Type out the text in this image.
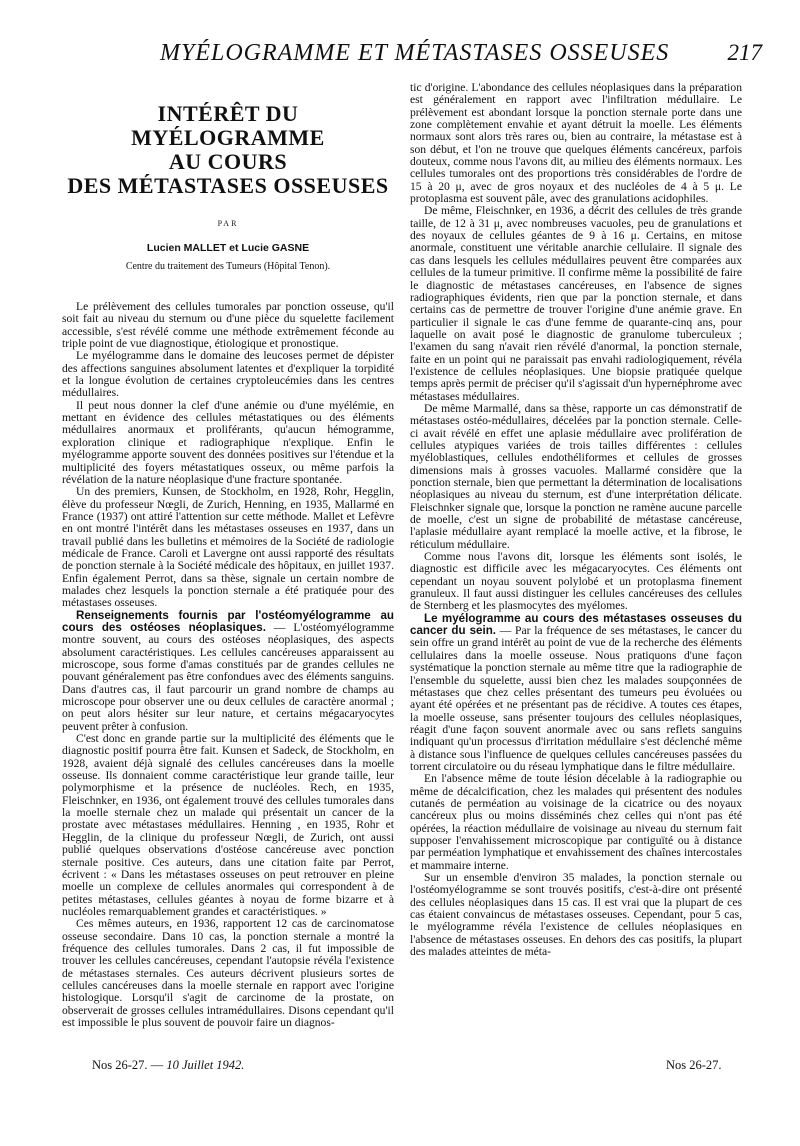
MYÉLOGRAMME ET MÉTASTASES OSSEUSES	217
INTÉRÊT DU MYÉLOGRAMME
AU COURS
DES MÉTASTASES OSSEUSES
PAR
Lucien MALLET et Lucie GASNE
Centre du traitement des Tumeurs (Hôpital Tenon).

Le prélèvement des cellules tumorales par ponction osseuse, qu'il soit fait au niveau du sternum ou d'une pièce du squelette facilement accessible, s'est révélé comme une méthode extrêmement féconde au triple point de vue diagnostique, étiologique et pronostique.

Le myélogramme dans le domaine des leucoses permet de dépister des affections sanguines absolument latentes et d'expliquer la torpidité et la longue évolution de certaines cryptoleucémies dans les centres médullaires.

Il peut nous donner la clef d'une anémie ou d'une myélémie, en mettant en évidence des cellules métastatiques ou des éléments médullaires anormaux et proliférants, qu'aucun hémogramme, exploration clinique et radiographique n'explique. Enfin le myélogramme apporte souvent des données positives sur l'étendue et la multiplicité des foyers métastatiques osseux, ou même parfois la révélation de la nature néoplasique d'une fracture spontanée.

Un des premiers, Kunsen, de Stockholm, en 1928, Rohr, Hegglin, élève du professeur Nœgli, de Zurich, Henning, en 1935, Mallarmé en France (1937) ont attiré l'attention sur cette méthode. Mallet et Lefèvre en ont montré l'intérêt dans les métastases osseuses en 1937, dans un travail publié dans les bulletins et mémoires de la Société de radiologie médicale de France. Caroli et Lavergne ont aussi rapporté des résultats de ponction sternale à la Société médicale des hôpitaux, en juillet 1937. Enfin également Perrot, dans sa thèse, signale un certain nombre de malades chez lesquels la ponction sternale a été pratiquée pour des métastases osseuses.

Renseignements fournis par l'ostéomyélogramme au cours des ostéoses néoplasiques. — L'ostéomyélogramme montre souvent, au cours des ostéoses néoplasiques, des aspects absolument caractéristiques. Les cellules cancéreuses apparaissent au microscope, sous forme d'amas constitués par de grandes cellules ne pouvant généralement pas être confondues avec des éléments sanguins. Dans d'autres cas, il faut parcourir un grand nombre de champs au microscope pour observer une ou deux cellules de caractère anormal ; on peut alors hésiter sur leur nature, et certains mégacaryocytes peuvent prêter à confusion.

C'est donc en grande partie sur la multiplicité des éléments que le diagnostic positif pourra être fait. Kunsen et Sadeck, de Stockholm, en 1928, avaient déjà signalé des cellules cancéreuses dans la moelle osseuse. Ils donnaient comme caractéristique leur grande taille, leur polymorphisme et la présence de nucléoles. Rech, en 1935, Fleischnker, en 1936, ont également trouvé des cellules tumorales dans la moelle sternale chez un malade qui présentait un cancer de la prostate avec métastases médullaires. Henning , en 1935, Rohr et Hegglin, de la clinique du professeur Nœgli, de Zurich, ont aussi publié quelques observations d'ostéose cancéreuse avec ponction sternale positive. Ces auteurs, dans une citation faite par Perrot, écrivent : « Dans les métastases osseuses on peut retrouver en pleine moelle un complexe de cellules anormales qui correspondent à de petites métastases, cellules géantes à noyau de forme bizarre et à nucléoles remarquablement grandes et caractéristiques. »

Ces mêmes auteurs, en 1936, rapportent 12 cas de carcinomatose osseuse secondaire. Dans 10 cas, la ponction sternale a montré la fréquence des cellules tumorales. Dans 2 cas, il fut impossible de trouver les cellules cancéreuses, cependant l'autopsie révéla l'existence de métastases sternales. Ces auteurs décrivent plusieurs sortes de cellules cancéreuses dans la moelle sternale en rapport avec l'origine histologique. Lorsqu'il s'agit de carcinome de la prostate, on observerait de grosses cellules intramédullaires. Disons cependant qu'il est impossible le plus souvent de pouvoir faire un diagnos-

tic d'origine. L'abondance des cellules néoplasiques dans la préparation est généralement en rapport avec l'infiltration médullaire. Le prélèvement est abondant lorsque la ponction sternale porte dans une zone complètement envahie et ayant détruit la moelle. Les éléments normaux sont alors très rares ou, bien au contraire, la métastase est à son début, et l'on ne trouve que quelques éléments cancéreux, parfois douteux, comme nous l'avons dit, au milieu des éléments normaux. Les cellules tumorales ont des proportions très considérables de l'ordre de 15 à 20 μ, avec de gros noyaux et des nucléoles de 4 à 5 μ. Le protoplasma est souvent pâle, avec des granulations acidophiles.

De même, Fleischnker, en 1936, a décrit des cellules de très grande taille, de 12 à 31 μ, avec nombreuses vacuoles, peu de granulations et des noyaux de cellules géantes de 9 à 16 μ. Certains, en mitose anormale, constituent une véritable anarchie cellulaire. Il signale des cas dans lesquels les cellules médullaires peuvent être comparées aux cellules de la tumeur primitive. Il confirme même la possibilité de faire le diagnostic de métastases cancéreuses, en l'absence de signes radiographiques évidents, rien que par la ponction sternale, et dans certains cas de permettre de trouver l'origine d'une anémie grave. En particulier il signale le cas d'une femme de quarante-cinq ans, pour laquelle on avait posé le diagnostic de granulome tuberculeux ; l'examen du sang n'avait rien révélé d'anormal, la ponction sternale, faite en un point qui ne paraissait pas envahi radiologiquement, révéla l'existence de cellules néoplasiques. Une biopsie pratiquée quelque temps après permit de préciser qu'il s'agissait d'un hypernéphrome avec métastases médullaires.

De même Marmallé, dans sa thèse, rapporte un cas démonstratif de métastases ostéo-médullaires, décelées par la ponction sternale. Celle-ci avait révélé en effet une aplasie médullaire avec prolifération de cellules atypiques variées de trois tailles différentes : cellules myéloblastiques, cellules endothéliformes et cellules de grosses dimensions mais à grosses vacuoles. Mallarmé considère que la ponction sternale, bien que permettant la détermination de localisations néoplasiques au niveau du sternum, est d'une interprétation délicate. Fleischnker signale que, lorsque la ponction ne ramène aucune parcelle de moelle, c'est un signe de probabilité de métastase cancéreuse, l'aplasie médullaire ayant remplacé la moelle active, et la fibrose, le réticulum médullaire.

Comme nous l'avons dit, lorsque les éléments sont isolés, le diagnostic est difficile avec les mégacaryocytes. Ces éléments ont cependant un noyau souvent polylobé et un protoplasma finement granuleux. Il faut aussi distinguer les cellules cancéreuses des cellules de Sternberg et les plasmocytes des myélomes.

Le myélogramme au cours des métastases osseuses du cancer du sein. — Par la fréquence de ses métastases, le cancer du sein offre un grand intérêt au point de vue de la recherche des éléments cellulaires dans la moelle osseuse. Nous pratiquons d'une façon systématique la ponction sternale au même titre que la radiographie de l'ensemble du squelette, aussi bien chez les malades soupçonnées de métastases que chez celles présentant des tumeurs peu évoluées ou ayant été opérées et ne présentant pas de récidive. A toutes ces étapes, la moelle osseuse, sans présenter toujours des cellules néoplasiques, réagit d'une façon souvent anormale avec ou sans reflets sanguins indiquant qu'un processus d'irritation médullaire s'est déclenché même à distance sous l'influence de quelques cellules cancéreuses passées du torrent circulatoire ou du réseau lymphatique dans le filtre médullaire.

En l'absence même de toute lésion décelable à la radiographie ou même de décalcification, chez les malades qui présentent des nodules cutanés de perméation au voisinage de la cicatrice ou des noyaux cancéreux plus ou moins disséminés chez celles qui n'ont pas été opérées, la réaction médullaire de voisinage au niveau du sternum fait supposer l'envahissement microscopique par contiguïté ou à distance par perméation lymphatique et envahissement des chaînes intercostales et mammaire interne.

Sur un ensemble d'environ 35 malades, la ponction sternale ou l'ostéomyélogramme se sont trouvés positifs, c'est-à-dire ont présenté des cellules néoplasiques dans 15 cas. Il est vrai que la plupart de ces cas étaient convaincus de métastases osseuses. Cependant, pour 5 cas, le myélogramme révéla l'existence de cellules néoplasiques en l'absence de métastases osseuses. En dehors des cas positifs, la plupart des malades atteintes de méta-

Nos 26-27. — 10 Juillet 1942.	Nos 26-27.
